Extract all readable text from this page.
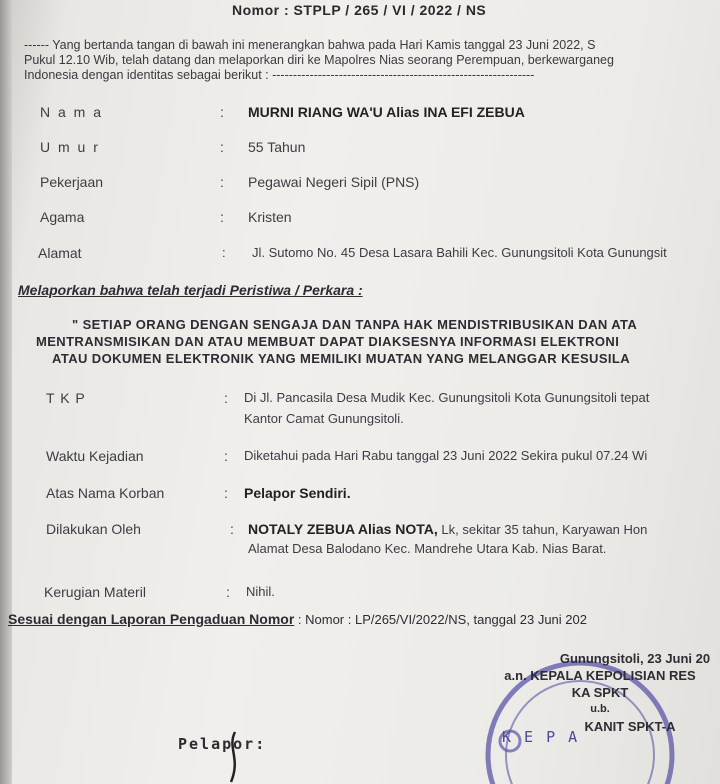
Nomor : STPLP / 265 / VI / 2022 / NS
------ Yang bertanda tangan di bawah ini menerangkan bahwa pada Hari Kamis tanggal 23 Juni 2022, S
Pukul 12.10 Wib, telah datang dan melaporkan diri ke Mapolres Nias seorang Perempuan, berkewarganeg
Indonesia dengan identitas sebagai berikut : ---------------------------------------------------------------
N a m a	: MURNI RIANG WA'U Alias INA EFI ZEBUA
U m u r	: 55 Tahun
Pekerjaan	: Pegawai Negeri Sipil (PNS)
Agama	: Kristen
Alamat	: Jl. Sutomo No. 45 Desa Lasara Bahili Kec. Gunungsitoli Kota Gunungsit
Melaporkan bahwa telah terjadi Peristiwa / Perkara :
" SETIAP ORANG DENGAN SENGAJA DAN TANPA HAK MENDISTRIBUSIKAN DAN ATA
MENTRANSMISIKAN DAN ATAU MEMBUAT DAPAT DIAKSESNYA INFORMASI ELEKTRONI
ATAU DOKUMEN ELEKTRONIK YANG MEMILIKI MUATAN YANG MELANGGAR KESUSILA
T K P	: Di Jl. Pancasila Desa Mudik Kec. Gunungsitoli Kota Gunungsitoli tepat
Kantor Camat Gunungsitoli.
Waktu Kejadian	: Diketahui pada Hari Rabu tanggal 23 Juni 2022 Sekira pukul 07.24 Wi
Atas Nama Korban	: Pelapor Sendiri.
Dilakukan Oleh	: NOTALY ZEBUA Alias NOTA, Lk, sekitar 35 tahun, Karyawan Hon
Alamat Desa Balodano Kec. Mandrehe Utara Kab. Nias Barat.
Kerugian Materil	: Nihil.
Sesuai dengan Laporan Pengaduan Nomor : Nomor : LP/265/VI/2022/NS, tanggal 23 Juni 202
Gunungsitoli, 23 Juni 20
a.n. KEPALA KEPOLISIAN RES
KA SPKT
u.b.
KANIT SPKT-A
K E P A
Pelapor:
